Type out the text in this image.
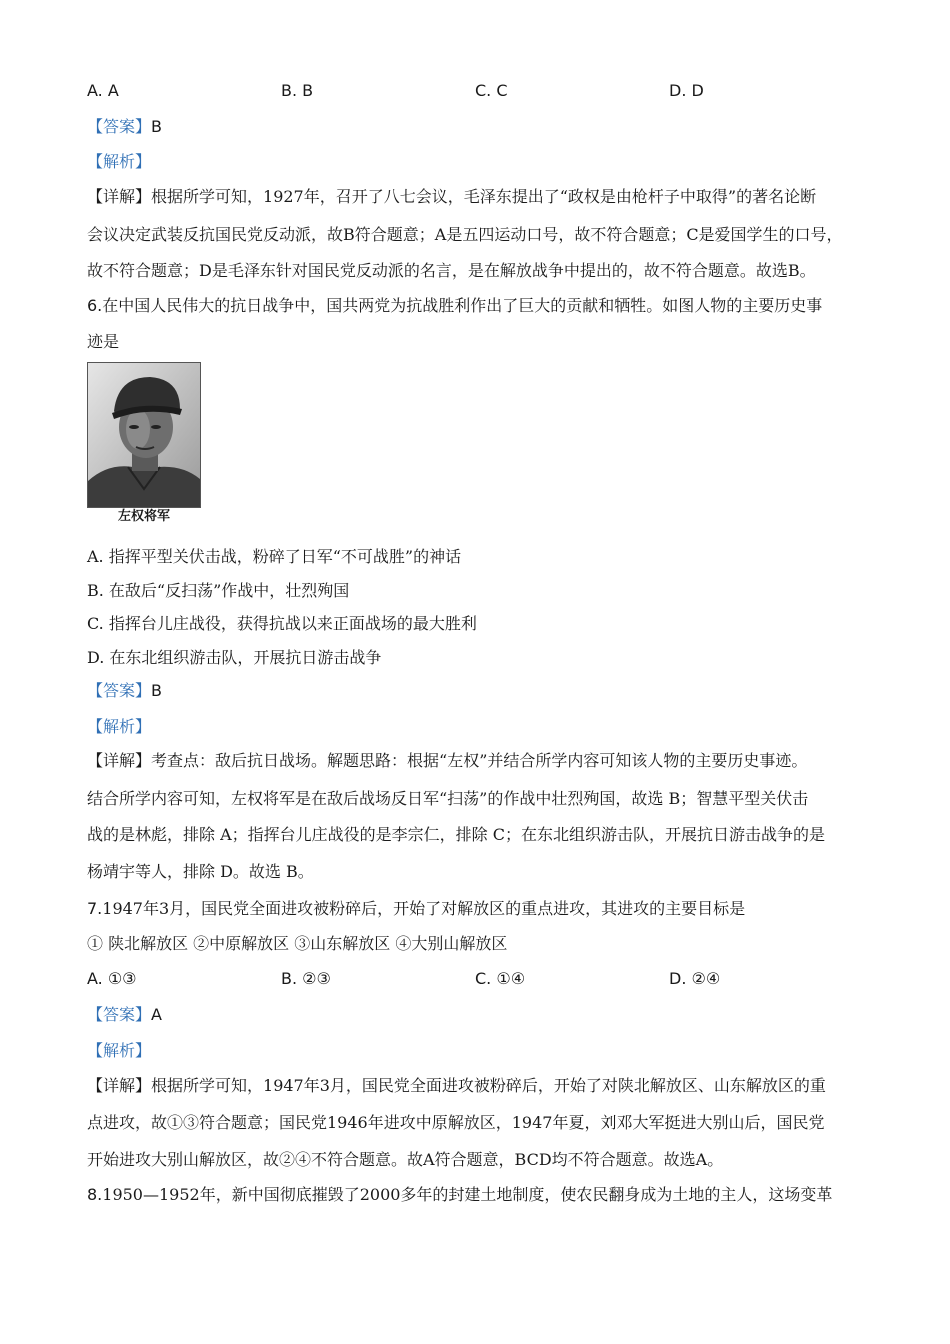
A. A	B. B	C. C	D. D
【答案】B
【解析】
【详解】根据所学可知，1927年，召开了八七会议，毛泽东提出了“政权是由枪杆子中取得”的著名论断
会议决定武装反抗国民党反动派，故B符合题意；A是五四运动口号，故不符合题意；C是爱国学生的口号，
故不符合题意；D是毛泽东针对国民党反动派的名言，是在解放战争中提出的，故不符合题意。故选B。
6.在中国人民伟大的抗日战争中，国共两党为抗战胜利作出了巨大的贡献和牺牲。如图人物的主要历史事
迹是
左权将军
A. 指挥平型关伏击战，粉碎了日军“不可战胜”的神话
B. 在敌后“反扫荡”作战中，壮烈殉国
C. 指挥台儿庄战役，获得抗战以来正面战场的最大胜利
D. 在东北组织游击队，开展抗日游击战争
【答案】B
【解析】
【详解】考查点：敌后抗日战场。解题思路：根据“左权”并结合所学内容可知该人物的主要历史事迹。
结合所学内容可知，左权将军是在敌后战场反日军“扫荡”的作战中壮烈殉国，故选 B；智慧平型关伏击
战的是林彪，排除 A；指挥台儿庄战役的是李宗仁，排除 C；在东北组织游击队，开展抗日游击战争的是
杨靖宇等人，排除 D。故选 B。
7.1947年3月，国民党全面进攻被粉碎后，开始了对解放区的重点进攻，其进攻的主要目标是
① 陕北解放区 ②中原解放区 ③山东解放区 ④大别山解放区
A. ①③	B. ②③	C. ①④	D. ②④
【答案】A
【解析】
【详解】根据所学可知，1947年3月，国民党全面进攻被粉碎后，开始了对陕北解放区、山东解放区的重
点进攻，故①③符合题意；国民党1946年进攻中原解放区，1947年夏，刘邓大军挺进大别山后，国民党
开始进攻大别山解放区，故②④不符合题意。故A符合题意，BCD均不符合题意。故选A。
8.1950—1952年，新中国彻底摧毁了2000多年的封建土地制度，使农民翻身成为土地的主人，这场变革
